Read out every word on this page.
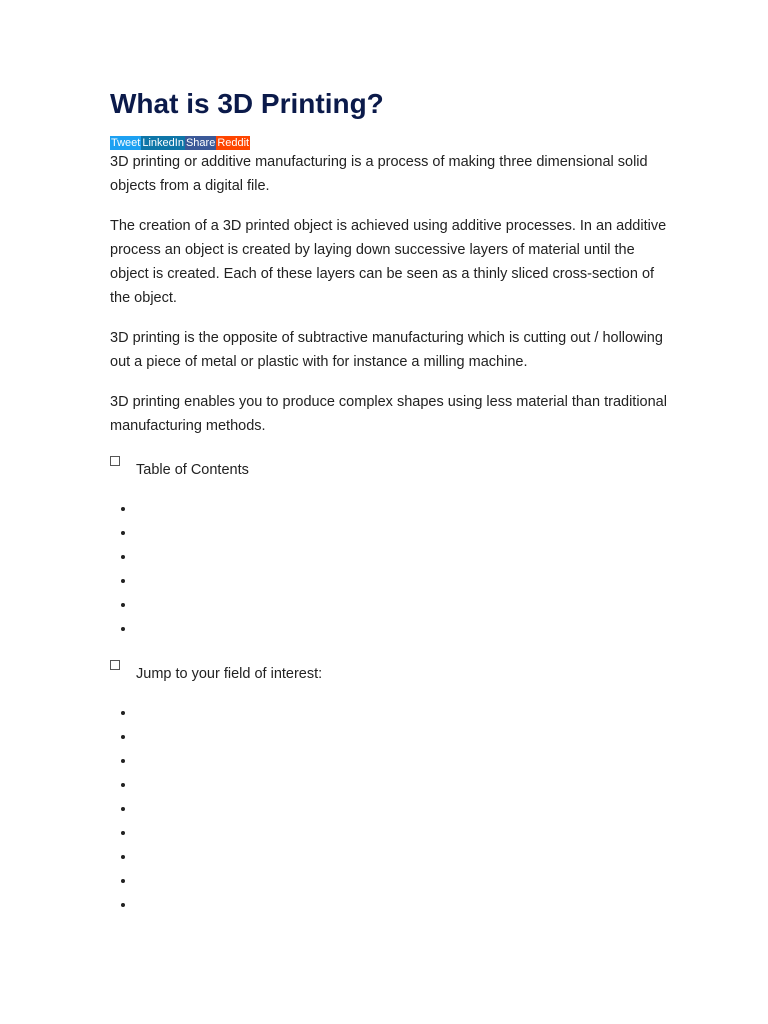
What is 3D Printing?
Tweet LinkedIn Share Reddit

3D printing or additive manufacturing is a process of making three dimensional solid objects from a digital file.

The creation of a 3D printed object is achieved using additive processes. In an additive process an object is created by laying down successive layers of material until the object is created. Each of these layers can be seen as a thinly sliced cross-section of the object.

3D printing is the opposite of subtractive manufacturing which is cutting out / hollowing out a piece of metal or plastic with for instance a milling machine.

3D printing enables you to produce complex shapes using less material than traditional manufacturing methods.

Table of Contents
•
•
•
•
•
•
Jump to your field of interest:
•
•
•
•
•
•
•
•
•
